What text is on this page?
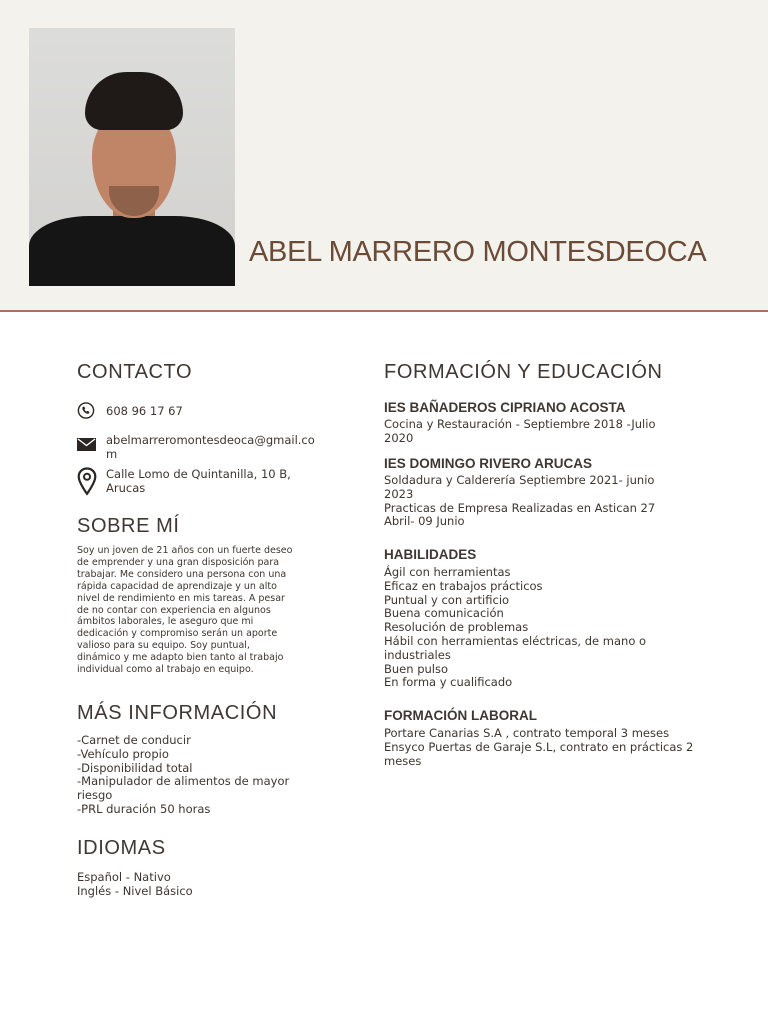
ABEL MARRERO MONTESDEOCA
CONTACTO
608 96 17 67
abelmarreromontesdeoca@gmail.co
m
Calle Lomo de Quintanilla, 10 B,
Arucas
SOBRE MÍ
Soy un joven de 21 años con un fuerte deseo
de emprender y una gran disposición para
trabajar. Me considero una persona con una
rápida capacidad de aprendizaje y un alto
nivel de rendimiento en mis tareas. A pesar
de no contar con experiencia en algunos
ámbitos laborales, le aseguro que mi
dedicación y compromiso serán un aporte
valioso para su equipo. Soy puntual,
dinámico y me adapto bien tanto al trabajo
individual como al trabajo en equipo.
MÁS INFORMACIÓN
-Carnet de conducir
-Vehículo propio
-Disponibilidad total
-Manipulador de alimentos de mayor
riesgo
-PRL duración 50 horas
IDIOMAS
Español - Nativo
Inglés - Nivel Básico
FORMACIÓN Y EDUCACIÓN
IES BAÑADEROS CIPRIANO ACOSTA
Cocina y Restauración - Septiembre 2018 -Julio
2020
IES DOMINGO RIVERO ARUCAS
Soldadura y Calderería Septiembre 2021- junio
2023
Practicas de Empresa Realizadas en Astican 27
Abril- 09 Junio
HABILIDADES
Ágil con herramientas
Eficaz en trabajos prácticos
Puntual y con artificio
Buena comunicación
Resolución de problemas
Hábil con herramientas eléctricas, de mano o
industriales
Buen pulso
En forma y cualificado
FORMACIÓN LABORAL
Portare Canarias S.A , contrato temporal 3 meses
Ensyco Puertas de Garaje S.L, contrato en prácticas 2
meses
